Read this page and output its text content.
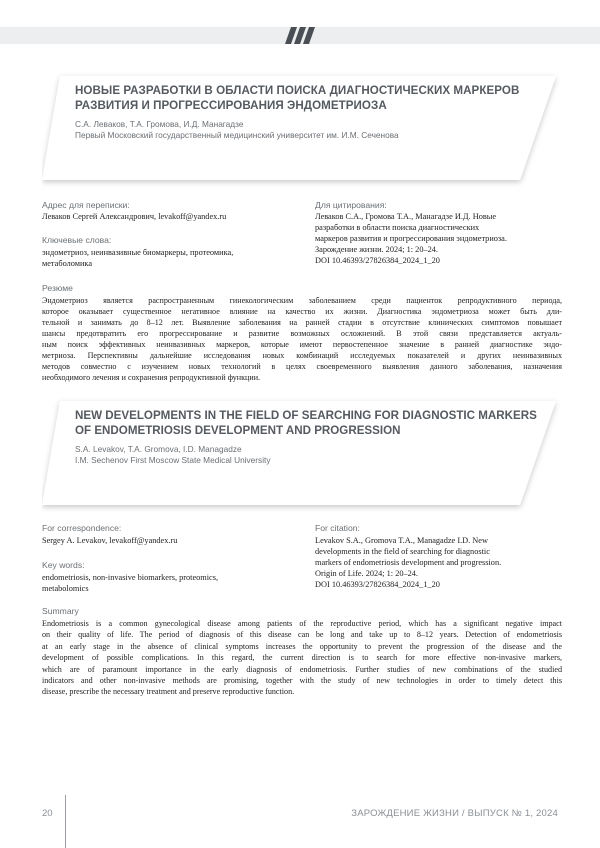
НОВЫЕ РАЗРАБОТКИ В ОБЛАСТИ ПОИСКА ДИАГНОСТИЧЕСКИХ МАРКЕРОВ РАЗВИТИЯ И ПРОГРЕССИРОВАНИЯ ЭНДОМЕТРИОЗА
С.А. Леваков, Т.А. Громова, И.Д. Манагадзе
Первый Московский государственный медицинский университет им. И.М. Сеченова
Адрес для переписки:
Леваков Сергей Александрович, levakoff@yandex.ru
Ключевые слова:
эндометриоз, неинвазивные биомаркеры, протеомика,
метаболомика
Для цитирования:
Леваков С.А., Громова Т.А., Манагадзе И.Д. Новые
разработки в области поиска диагностических
маркеров развития и прогрессирования эндометриоза.
Зарождение жизни. 2024; 1: 20–24.
DOI 10.46393/27826384_2024_1_20
Резюме
Эндометриоз является распространенным гинекологическим заболеванием среди пациенток репродуктивного периода,
которое оказывает существенное негативное влияние на качество их жизни. Диагностика эндометриоза может быть дли-
тельной и занимать до 8–12 лет. Выявление заболевания на ранней стадии в отсутствие клинических симптомов повышает
шансы предотвратить его прогрессирование и развитие возможных осложнений. В этой связи представляется актуаль-
ным поиск эффективных неинвазивных маркеров, которые имеют первостепенное значение в ранней диагностике эндо-
метриоза. Перспективны дальнейшие исследования новых комбинаций исследуемых показателей и других неинвазивных
методов совместно с изучением новых технологий в целях своевременного выявления данного заболевания, назначения
необходимого лечения и сохранения репродуктивной функции.
NEW DEVELOPMENTS IN THE FIELD OF SEARCHING FOR DIAGNOSTIC MARKERS OF ENDOMETRIOSIS DEVELOPMENT AND PROGRESSION
S.A. Levakov, T.A. Gromova, I.D. Managadze
I.M. Sechenov First Moscow State Medical University
For correspondence:
Sergey A. Levakov, levakoff@yandex.ru
Key words:
endometriosis, non-invasive biomarkers, proteomics,
metabolomics
For citation:
Levakov S.A., Gromova T.A., Managadze I.D. New
developments in the field of searching for diagnostic
markers of endometriosis development and progression.
Origin of Life. 2024; 1: 20–24.
DOI 10.46393/27826384_2024_1_20
Summary
Endometriosis is a common gynecological disease among patients of the reproductive period, which has a significant negative impact
on their quality of life. The period of diagnosis of this disease can be long and take up to 8–12 years. Detection of endometriosis
at an early stage in the absence of clinical symptoms increases the opportunity to prevent the progression of the disease and the
development of possible complications. In this regard, the current direction is to search for more effective non-invasive markers,
which are of paramount importance in the early diagnosis of endometriosis. Further studies of new combinations of the studied
indicators and other non-invasive methods are promising, together with the study of new technologies in order to timely detect this
disease, prescribe the necessary treatment and preserve reproductive function.
20	ЗАРОЖДЕНИЕ ЖИЗНИ / ВЫПУСК № 1, 2024
